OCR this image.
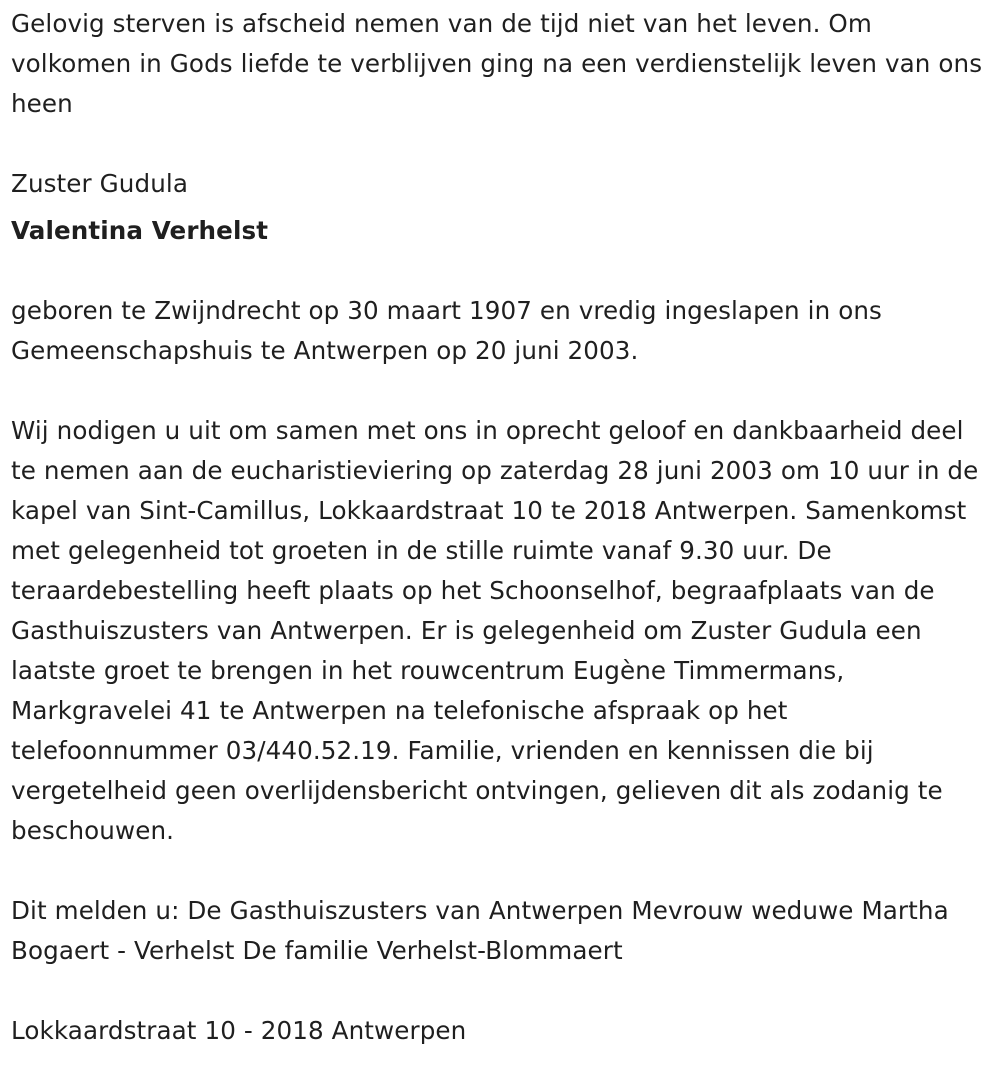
Gelovig sterven is afscheid nemen van de tijd niet van het leven. Om volkomen in Gods liefde te verblijven ging na een verdienstelijk leven van ons heen

Zuster Gudula

Valentina Verhelst

geboren te Zwijndrecht op 30 maart 1907 en vredig ingeslapen in ons Gemeenschapshuis te Antwerpen op 20 juni 2003.

Wij nodigen u uit om samen met ons in oprecht geloof en dankbaarheid deel te nemen aan de eucharistieviering op zaterdag 28 juni 2003 om 10 uur in de kapel van Sint-Camillus, Lokkaardstraat 10 te 2018 Antwerpen. Samenkomst met gelegenheid tot groeten in de stille ruimte vanaf 9.30 uur. De teraardebestelling heeft plaats op het Schoonselhof, begraafplaats van de Gasthuiszusters van Antwerpen. Er is gelegenheid om Zuster Gudula een laatste groet te brengen in het rouwcentrum Eugène Timmermans, Markgravelei 41 te Antwerpen na telefonische afspraak op het telefoonnummer 03/440.52.19. Familie, vrienden en kennissen die bij vergetelheid geen overlijdensbericht ontvingen, gelieven dit als zodanig te beschouwen.

Dit melden u: De Gasthuiszusters van Antwerpen Mevrouw weduwe Martha Bogaert - Verhelst De familie Verhelst-Blommaert

Lokkaardstraat 10 - 2018 Antwerpen
